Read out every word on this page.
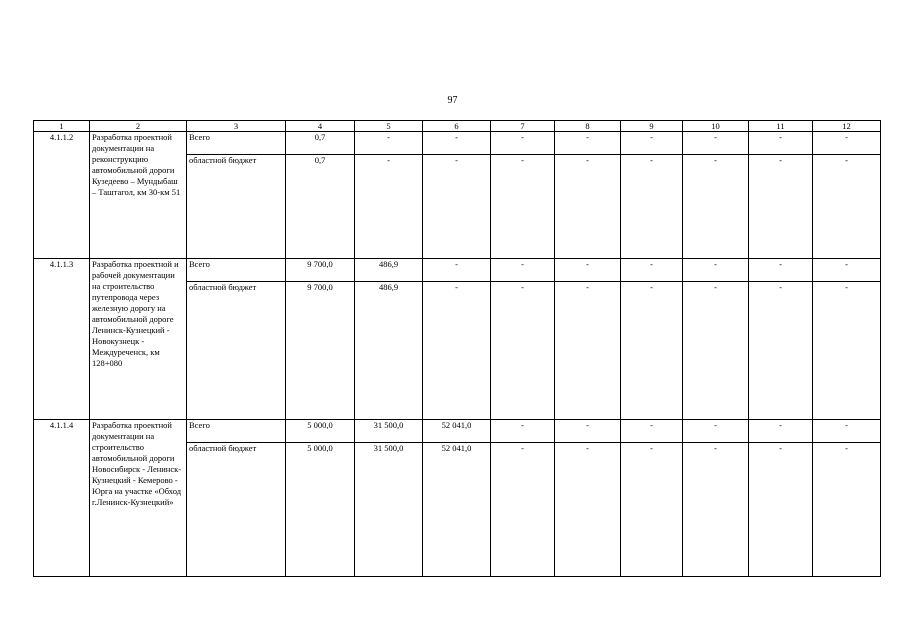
97
1	2	3	4	5	6	7	8	9	10	11	12
4.1.1.2	Разработка проектной документации на реконструкцию автомобильной дороги Кузедеево – Мундыбаш – Таштагол, км 30-км 51	Всего	0,7	-	-	-	-	-	-	-	-
		областной бюджет	0,7	-	-	-	-	-	-	-	-
4.1.1.3	Разработка проектной и рабочей документации на строительство путепровода через железную дорогу на автомобильной дороге Ленинск-Кузнецкий - Новокузнецк - Междуреченск, км 128+080	Всего	9 700,0	486,9	-	-	-	-	-	-	-
		областной бюджет	9 700,0	486,9	-	-	-	-	-	-	-
4.1.1.4	Разработка проектной документации на строительство автомобильной дороги Новосибирск - Ленинск-Кузнецкий - Кемерово - Юрга на участке «Обход г.Ленинск-Кузнецкий»	Всего	5 000,0	31 500,0	52 041,0	-	-	-	-	-	-
		областной бюджет	5 000,0	31 500,0	52 041,0	-	-	-	-	-	-
